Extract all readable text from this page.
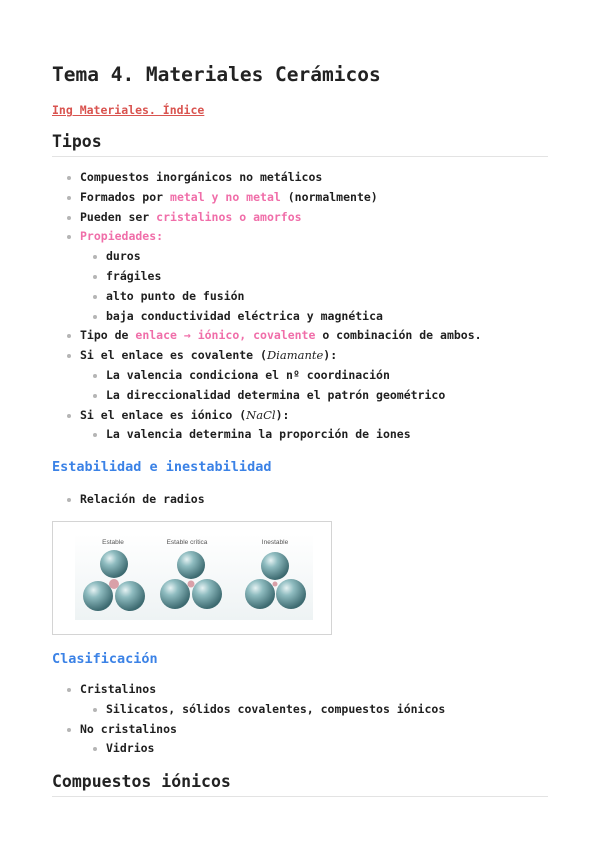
Tema 4. Materiales Cerámicos
Ing Materiales. Índice
Tipos
Compuestos inorgánicos no metálicos
Formados por metal y no metal (normalmente)
Pueden ser cristalinos o amorfos
Propiedades:
duros
frágiles
alto punto de fusión
baja conductividad eléctrica y magnética
Tipo de enlace → iónico, covalente o combinación de ambos.
Si el enlace es covalente (Diamante):
La valencia condiciona el nº coordinación
La direccionalidad determina el patrón geométrico
Si el enlace es iónico (NaCl):
La valencia determina la proporción de iones
Estabilidad e inestabilidad
Relación de radios
Estable	Estable crítica	Inestable
Clasificación
Cristalinos
Silicatos, sólidos covalentes, compuestos iónicos
No cristalinos
Vidrios
Compuestos iónicos
